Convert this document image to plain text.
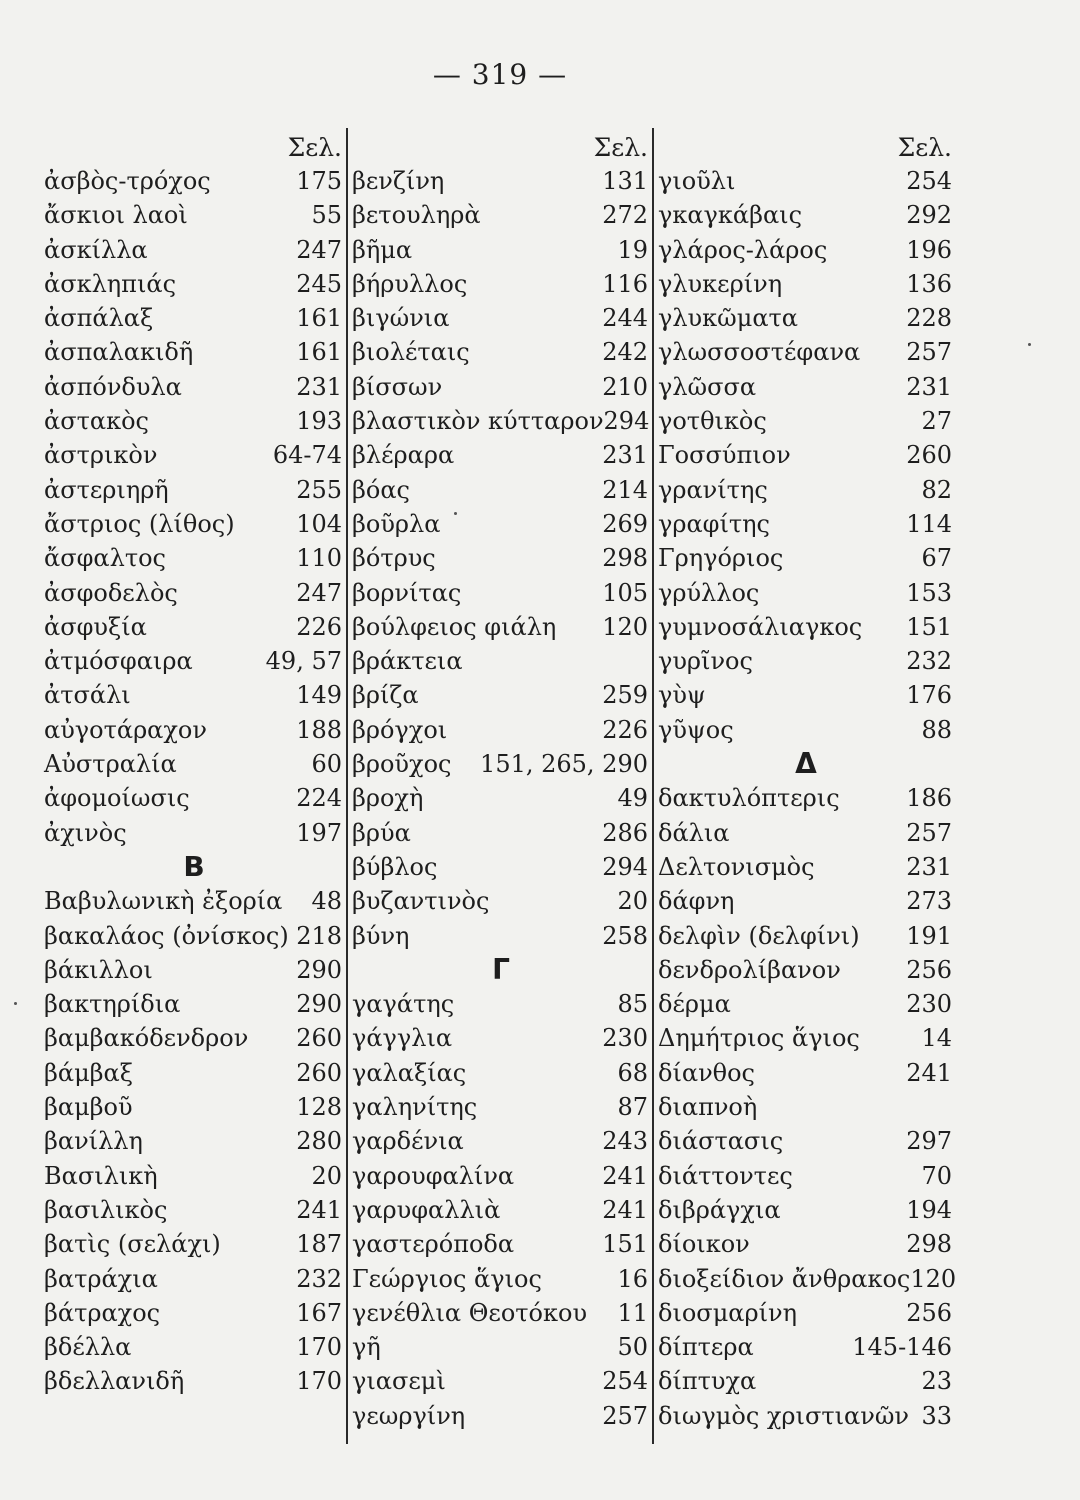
— 319 —
Σελ.
ἀσβὸς-τρόχος	175
ἄσκιοι λαοὶ	55
ἀσκίλλα	247
ἀσκληπιάς	245
ἀσπάλαξ	161
ἀσπαλακιδῆ	161
ἀσπόνδυλα	231
ἀστακὸς	193
ἀστρικὸν	64-74
ἀστεριηρῆ	255
ἄστριος (λίθος)	104
ἄσφαλτος	110
ἀσφοδελὸς	247
ἀσφυξία	226
ἀτμόσφαιρα	49, 57
ἀτσάλι	149
αὐγοτάραχον	188
Αὐστραλία	60
ἀφομοίωσις	224
ἀχινὸς	197
B
Βαβυλωνικὴ ἐξορία 48
βακαλάος (ὀνίσκος) 218
βάκιλλοι	290
βακτηρίδια	290
βαμβακόδενδρον 260
βάμβαξ	260
βαμβοῦ	128
βανίλλη	280
Βασιλικὴ	20
βασιλικὸς	241
βατὶς (σελάχι)	187
βατράχια	232
βάτραχος	167
βδέλλα	170
βδελλανιδῆ	170
Σελ.
βενζίνη	131
βετουληρὰ	272
βῆμα	19
βήρυλλος	116
βιγώνια	244
βιολέταις	242
βίσσων	210
βλαστικὸν κύτταρον 294
βλέραρα	231
βόας	214
βοῦρλα	269
βότρυς	298
βορνίτας	105
βούλφειος φιάλη 120
βράκτεια
βρίζα	259
βρόγχοι	226
βροῦχος 151, 265, 290
βροχὴ	49
βρύα	286
βύβλος	294
βυζαντινὸς	20
βύνη	258
Γ
γαγάτης	85
γάγγλια	230
γαλαξίας	68
γαληνίτης	87
γαρδένια	243
γαρουφαλίνα	241
γαρυφαλλιὰ	241
γαστερόποδα	151
Γεώργιος ἅγιος	16
γενέθλια Θεοτόκου 11
γῆ	50
γιασεμὶ	254
γεωργίνη	257
Σελ.
γιοῦλι	254
γκαγκάβαις	292
γλάρος-λάρος	196
γλυκερίνη	136
γλυκῶματα	228
γλωσσοστέφανα 257
γλῶσσα	231
γοτθικὸς	27
Γοσσύπιον	260
γρανίτης	82
γραφίτης	114
Γρηγόριος	67
γρύλλος	153
γυμνοσάλιαγκος 151
γυρῖνος	232
γὺψ	176
γῦψος	88
Δ
δακτυλόπτερις	186
δάλια	257
Δελτονισμὸς	231
δάφνη	273
δελφὶν (δελφίνι) 191
δενδρολίβανον	256
δέρμα	230
Δημήτριος ἅγιος	14
δίανθος	241
διαπνοὴ
διάστασις	297
διάττοντες	70
διβράγχια	194
δίοικον	298
διοξείδιον ἄνθρακος 120
διοσμαρίνη	256
δίπτερα	145-146
δίπτυχα	23
διωγμὸς χριστιανῶν 33
